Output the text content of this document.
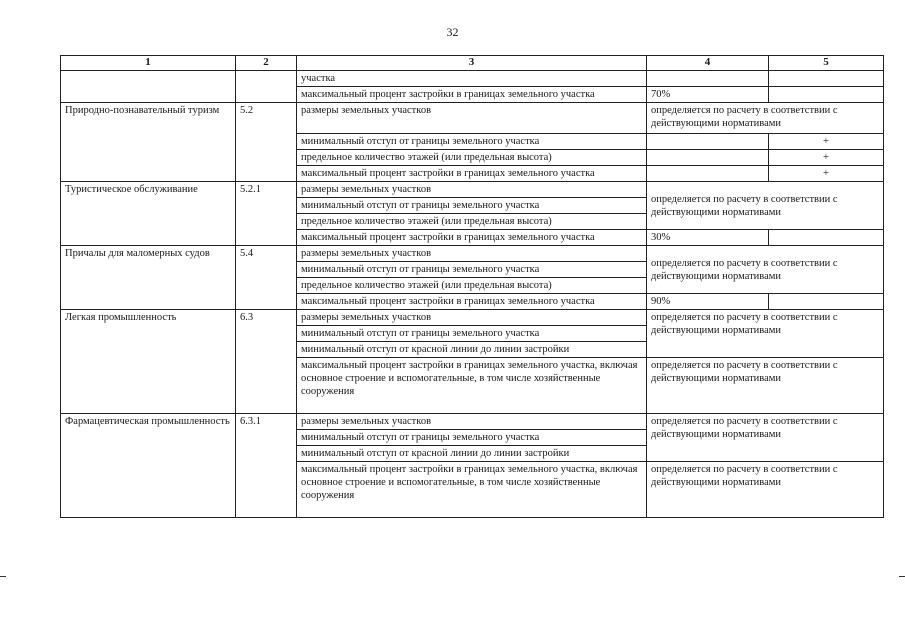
32
1	2	3	4	5
		участка		
		максимальный процент застройки в границах земельного участка	70%	
Природно-познавательный туризм	5.2	размеры земельных участков	определяется по расчету в соответствии с действующими нормативами	
		минимальный отступ от границы земельного участка		+
		предельное количество этажей (или предельная высота)		+
		максимальный процент застройки в границах земельного участка		+
Туристическое обслуживание	5.2.1	размеры земельных участков	определяется по расчету в соответствии с действующими нормативами	
		минимальный отступ от границы земельного участка		
		предельное количество этажей (или предельная высота)		
		максимальный процент застройки в границах земельного участка	30%	
Причалы для маломерных судов	5.4	размеры земельных участков	определяется по расчету в соответствии с действующими нормативами	
		минимальный отступ от границы земельного участка		
		предельное количество этажей (или предельная высота)		
		максимальный процент застройки в границах земельного участка	90%	
Легкая промышленность	6.3	размеры земельных участков	определяется по расчету в соответствии с действующими нормативами	
		минимальный отступ от границы земельного участка		
		минимальный отступ от красной линии до линии застройки		
		максимальный процент застройки в границах земельного участка, включая основное строение и вспомогательные, в том числе хозяйственные сооружения	определяется по расчету в соответствии с действующими нормативами	
Фармацевтическая промышленность	6.3.1	размеры земельных участков	определяется по расчету в соответствии с действующими нормативами	
		минимальный отступ от границы земельного участка		
		минимальный отступ от красной линии до линии застройки		
		максимальный процент застройки в границах земельного участка, включая основное строение и вспомогательные, в том числе хозяйственные сооружения	определяется по расчету в соответствии с действующими нормативами	
